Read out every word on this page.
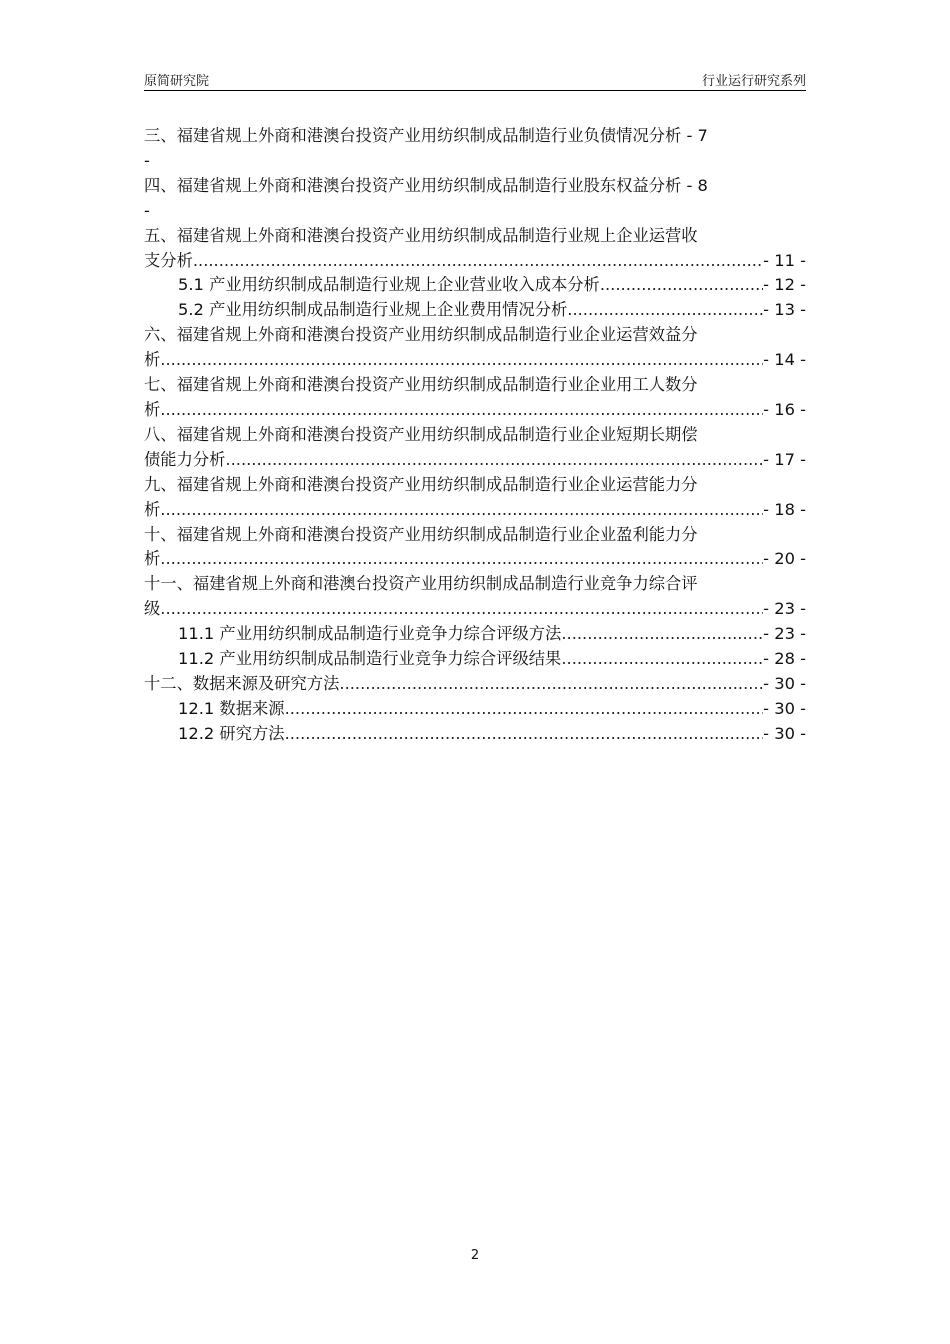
原简研究院	行业运行研究系列
三、福建省规上外商和港澳台投资产业用纺织制成品制造行业负债情况分析 - 7
-
四、福建省规上外商和港澳台投资产业用纺织制成品制造行业股东权益分析 - 8
-
五、福建省规上外商和港澳台投资产业用纺织制成品制造行业规上企业运营收
支分析 .....	- 11 -
5.1 产业用纺织制成品制造行业规上企业营业收入成本分析 .....	- 12 -
5.2 产业用纺织制成品制造行业规上企业费用情况分析 .....	- 13 -
六、福建省规上外商和港澳台投资产业用纺织制成品制造行业企业运营效益分
析 .....	- 14 -
七、福建省规上外商和港澳台投资产业用纺织制成品制造行业企业用工人数分
析 .....	- 16 -
八、福建省规上外商和港澳台投资产业用纺织制成品制造行业企业短期长期偿
债能力分析 .....	- 17 -
九、福建省规上外商和港澳台投资产业用纺织制成品制造行业企业运营能力分
析 .....	- 18 -
十、福建省规上外商和港澳台投资产业用纺织制成品制造行业企业盈利能力分
析 .....	- 20 -
十一、福建省规上外商和港澳台投资产业用纺织制成品制造行业竞争力综合评
级 .....	- 23 -
11.1 产业用纺织制成品制造行业竞争力综合评级方法 .....	- 23 -
11.2 产业用纺织制成品制造行业竞争力综合评级结果 .....	- 28 -
十二、数据来源及研究方法 .....	- 30 -
12.1 数据来源 .....	- 30 -
12.2 研究方法 .....	- 30 -
2
